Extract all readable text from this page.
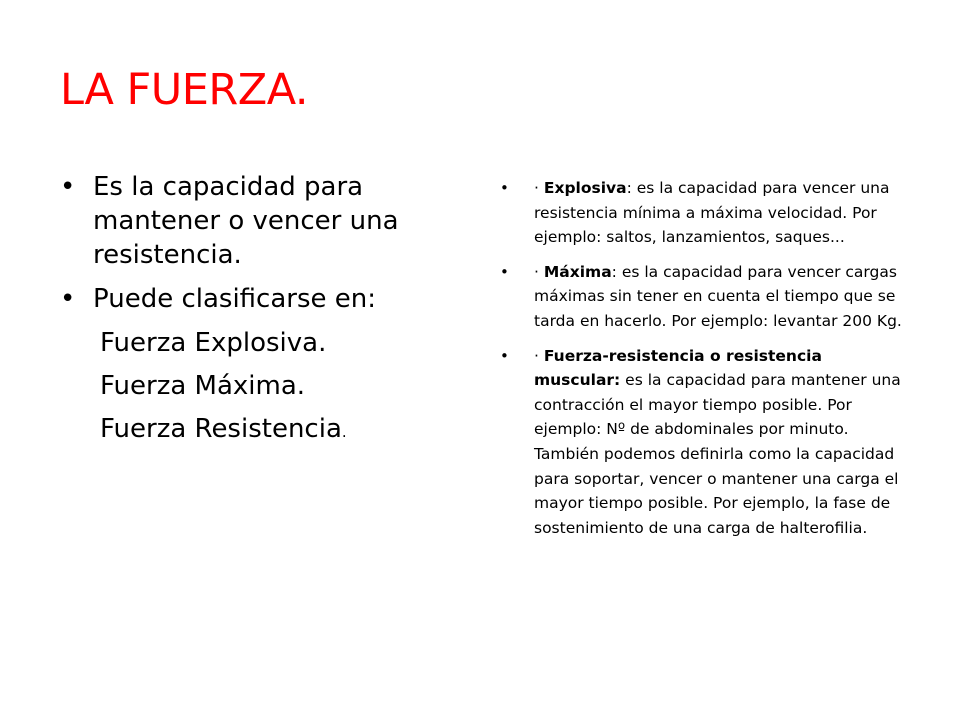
LA FUERZA.
• Es la capacidad para mantener o vencer una resistencia.
• Puede clasificarse en:
Fuerza Explosiva.
Fuerza Máxima.
Fuerza Resistencia.
• · Explosiva: es la capacidad para vencer una resistencia mínima a máxima velocidad. Por ejemplo: saltos, lanzamientos, saques...
• · Máxima: es la capacidad para vencer cargas máximas sin tener en cuenta el tiempo que se tarda en hacerlo. Por ejemplo: levantar 200 Kg.
• · Fuerza-resistencia o resistencia muscular: es la capacidad para mantener una contracción el mayor tiempo posible. Por ejemplo: Nº de abdominales por minuto. También podemos definirla como la capacidad para soportar, vencer o mantener una carga el mayor tiempo posible. Por ejemplo, la fase de sostenimiento de una carga de halterofilia.
